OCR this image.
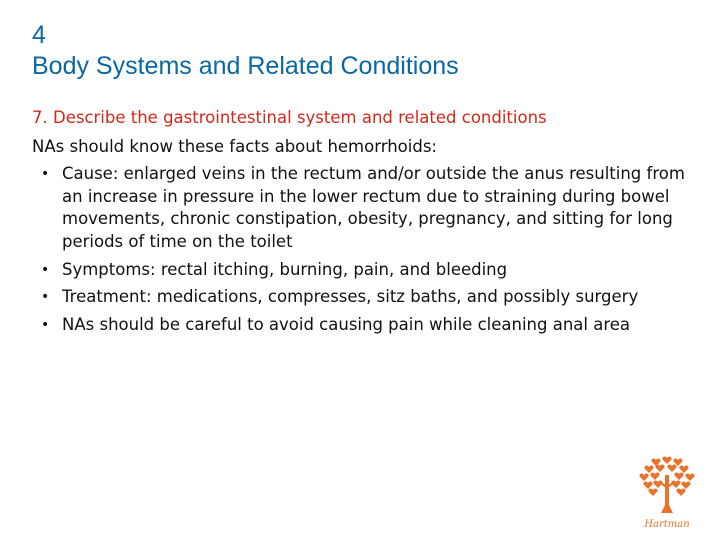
4
Body Systems and Related Conditions
7. Describe the gastrointestinal system and related conditions
NAs should know these facts about hemorrhoids:
• Cause: enlarged veins in the rectum and/or outside the anus resulting from an increase in pressure in the lower rectum due to straining during bowel movements, chronic constipation, obesity, pregnancy, and sitting for long periods of time on the toilet
• Symptoms: rectal itching, burning, pain, and bleeding
• Treatment: medications, compresses, sitz baths, and possibly surgery
• NAs should be careful to avoid causing pain while cleaning anal area
Hartman
